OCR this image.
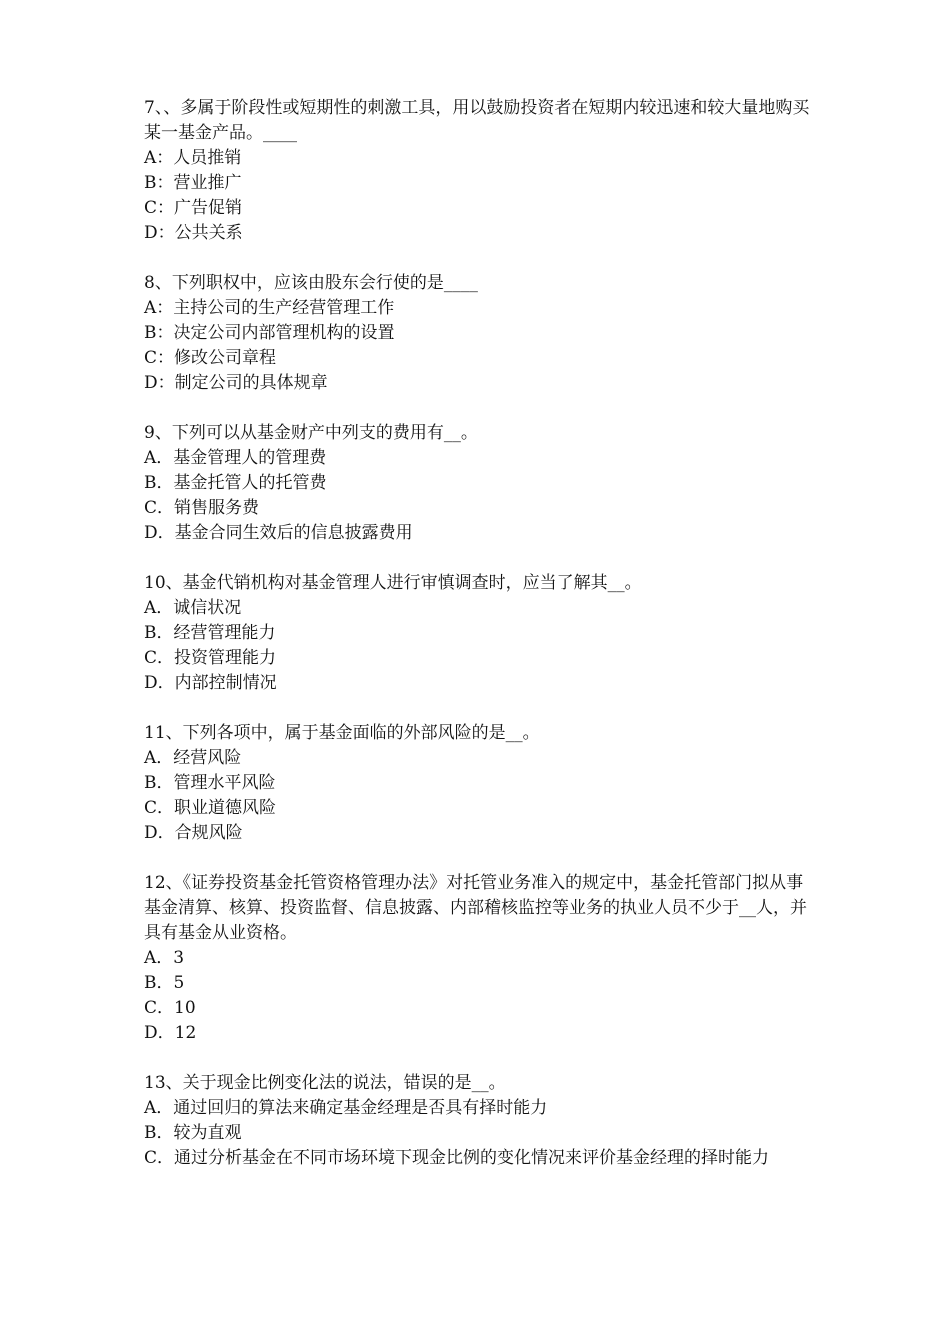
7、、多属于阶段性或短期性的刺激工具，用以鼓励投资者在短期内较迅速和较大量地购买某一基金产品。____

A：人员推销

B：营业推广

C：广告促销

D：公共关系

8、下列职权中，应该由股东会行使的是____

A：主持公司的生产经营管理工作

B：决定公司内部管理机构的设置

C：修改公司章程

D：制定公司的具体规章

9、下列可以从基金财产中列支的费用有__。

A．基金管理人的管理费

B．基金托管人的托管费

C．销售服务费

D．基金合同生效后的信息披露费用

10、基金代销机构对基金管理人进行审慎调查时，应当了解其__。

A．诚信状况

B．经营管理能力

C．投资管理能力

D．内部控制情况

11、下列各项中，属于基金面临的外部风险的是__。

A．经营风险

B．管理水平风险

C．职业道德风险

D．合规风险

12、《证券投资基金托管资格管理办法》对托管业务准入的规定中，基金托管部门拟从事基金清算、核算、投资监督、信息披露、内部稽核监控等业务的执业人员不少于__人，并具有基金从业资格。

A．3

B．5

C．10

D．12

13、关于现金比例变化法的说法，错误的是__。

A．通过回归的算法来确定基金经理是否具有择时能力

B．较为直观

C．通过分析基金在不同市场环境下现金比例的变化情况来评价基金经理的择时能力
